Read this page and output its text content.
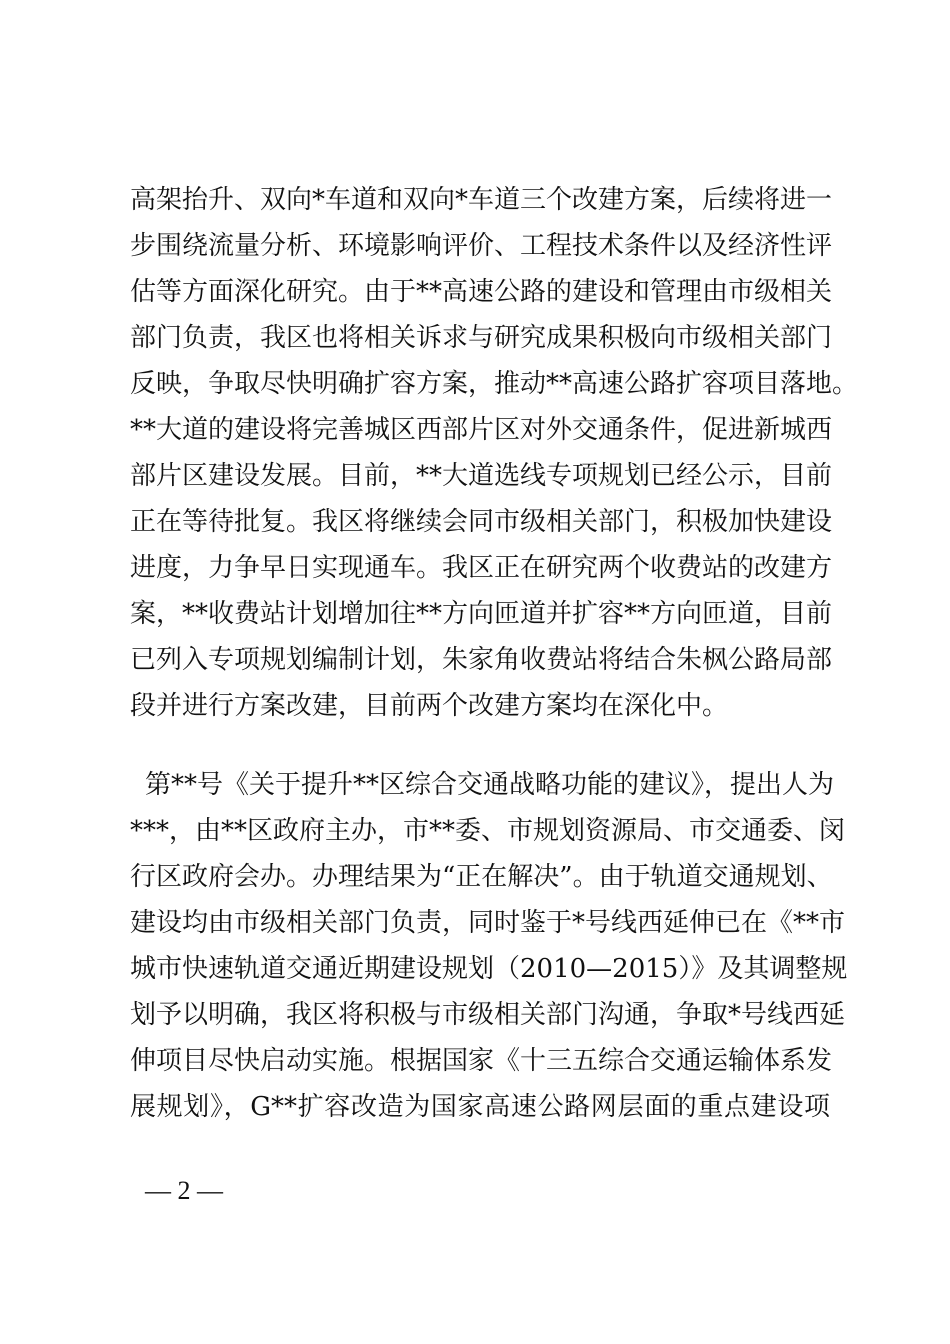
高架抬升、双向*车道和双向*车道三个改建方案，后续将进一
步围绕流量分析、环境影响评价、工程技术条件以及经济性评
估等方面深化研究。由于**高速公路的建设和管理由市级相关
部门负责，我区也将相关诉求与研究成果积极向市级相关部门
反映，争取尽快明确扩容方案，推动**高速公路扩容项目落地。
**大道的建设将完善城区西部片区对外交通条件，促进新城西
部片区建设发展。目前，**大道选线专项规划已经公示，目前
正在等待批复。我区将继续会同市级相关部门，积极加快建设
进度，力争早日实现通车。我区正在研究两个收费站的改建方
案，**收费站计划增加往**方向匝道并扩容**方向匝道，目前
已列入专项规划编制计划，朱家角收费站将结合朱枫公路局部
段并进行方案改建，目前两个改建方案均在深化中。
第**号《关于提升**区综合交通战略功能的建议》，提出人为
***，由**区政府主办，市**委、市规划资源局、市交通委、闵
行区政府会办。办理结果为“正在解决”。由于轨道交通规划、
建设均由市级相关部门负责，同时鉴于*号线西延伸已在《**市
城市快速轨道交通近期建设规划（2010—2015）》及其调整规
划予以明确，我区将积极与市级相关部门沟通，争取*号线西延
伸项目尽快启动实施。根据国家《十三五综合交通运输体系发
展规划》，G**扩容改造为国家高速公路网层面的重点建设项
— 2 —
